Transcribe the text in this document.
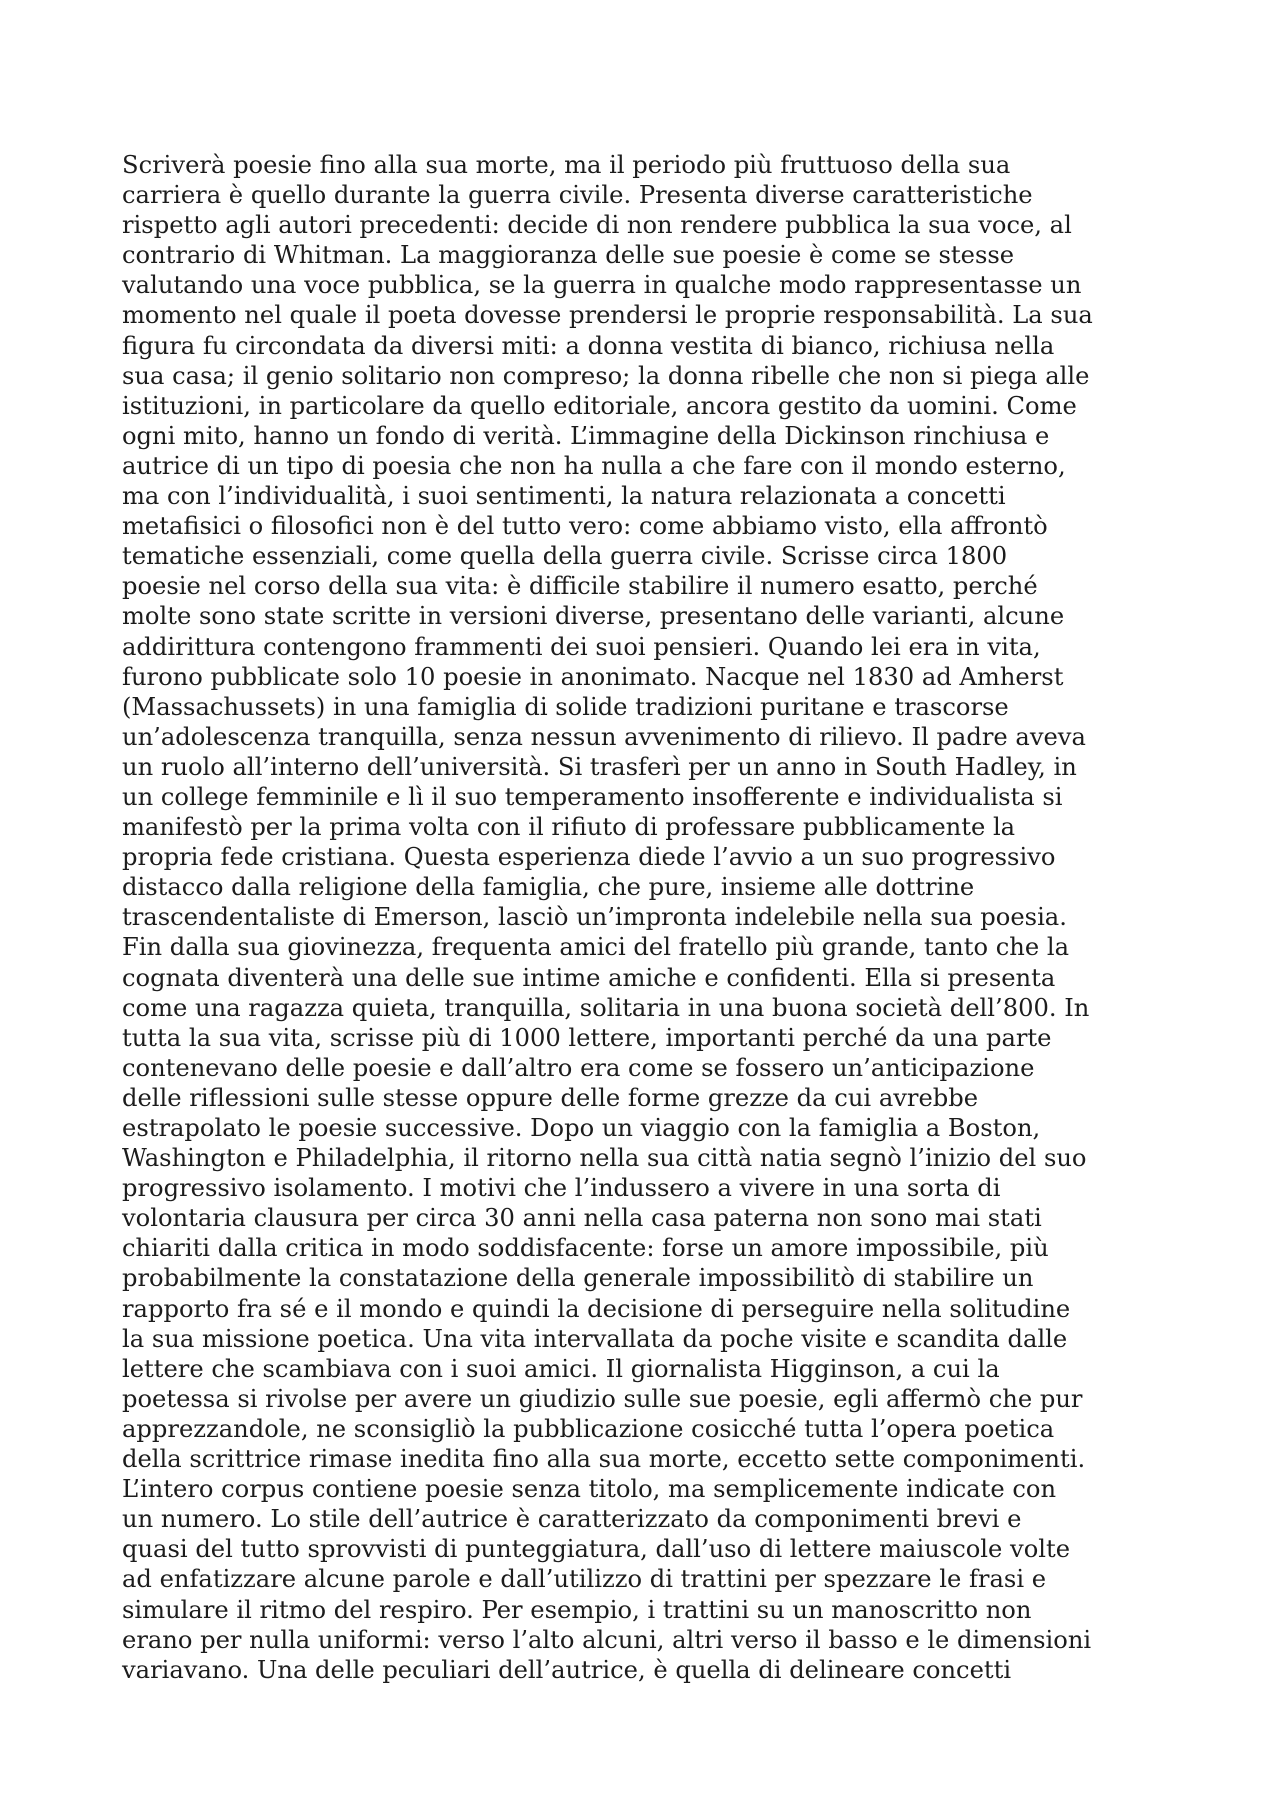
Scriverà poesie fino alla sua morte, ma il periodo più fruttuoso della sua
carriera è quello durante la guerra civile. Presenta diverse caratteristiche
rispetto agli autori precedenti: decide di non rendere pubblica la sua voce, al
contrario di Whitman. La maggioranza delle sue poesie è come se stesse
valutando una voce pubblica, se la guerra in qualche modo rappresentasse un
momento nel quale il poeta dovesse prendersi le proprie responsabilità. La sua
figura fu circondata da diversi miti: a donna vestita di bianco, richiusa nella
sua casa; il genio solitario non compreso; la donna ribelle che non si piega alle
istituzioni, in particolare da quello editoriale, ancora gestito da uomini. Come
ogni mito, hanno un fondo di verità. L’immagine della Dickinson rinchiusa e
autrice di un tipo di poesia che non ha nulla a che fare con il mondo esterno,
ma con l’individualità, i suoi sentimenti, la natura relazionata a concetti
metafisici o filosofici non è del tutto vero: come abbiamo visto, ella affrontò
tematiche essenziali, come quella della guerra civile. Scrisse circa 1800
poesie nel corso della sua vita: è difficile stabilire il numero esatto, perché
molte sono state scritte in versioni diverse, presentano delle varianti, alcune
addirittura contengono frammenti dei suoi pensieri. Quando lei era in vita,
furono pubblicate solo 10 poesie in anonimato. Nacque nel 1830 ad Amherst
(Massachussets) in una famiglia di solide tradizioni puritane e trascorse
un’adolescenza tranquilla, senza nessun avvenimento di rilievo. Il padre aveva
un ruolo all’interno dell’università. Si trasferì per un anno in South Hadley, in
un college femminile e lì il suo temperamento insofferente e individualista si
manifestò per la prima volta con il rifiuto di professare pubblicamente la
propria fede cristiana. Questa esperienza diede l’avvio a un suo progressivo
distacco dalla religione della famiglia, che pure, insieme alle dottrine
trascendentaliste di Emerson, lasciò un’impronta indelebile nella sua poesia.
Fin dalla sua giovinezza, frequenta amici del fratello più grande, tanto che la
cognata diventerà una delle sue intime amiche e confidenti. Ella si presenta
come una ragazza quieta, tranquilla, solitaria in una buona società dell’800. In
tutta la sua vita, scrisse più di 1000 lettere, importanti perché da una parte
contenevano delle poesie e dall’altro era come se fossero un’anticipazione
delle riflessioni sulle stesse oppure delle forme grezze da cui avrebbe
estrapolato le poesie successive. Dopo un viaggio con la famiglia a Boston,
Washington e Philadelphia, il ritorno nella sua città natia segnò l’inizio del suo
progressivo isolamento. I motivi che l’indussero a vivere in una sorta di
volontaria clausura per circa 30 anni nella casa paterna non sono mai stati
chiariti dalla critica in modo soddisfacente: forse un amore impossibile, più
probabilmente la constatazione della generale impossibilitò di stabilire un
rapporto fra sé e il mondo e quindi la decisione di perseguire nella solitudine
la sua missione poetica. Una vita intervallata da poche visite e scandita dalle
lettere che scambiava con i suoi amici. Il giornalista Higginson, a cui la
poetessa si rivolse per avere un giudizio sulle sue poesie, egli affermò che pur
apprezzandole, ne sconsigliò la pubblicazione cosicché tutta l’opera poetica
della scrittrice rimase inedita fino alla sua morte, eccetto sette componimenti.
L’intero corpus contiene poesie senza titolo, ma semplicemente indicate con
un numero. Lo stile dell’autrice è caratterizzato da componimenti brevi e
quasi del tutto sprovvisti di punteggiatura, dall’uso di lettere maiuscole volte
ad enfatizzare alcune parole e dall’utilizzo di trattini per spezzare le frasi e
simulare il ritmo del respiro. Per esempio, i trattini su un manoscritto non
erano per nulla uniformi: verso l’alto alcuni, altri verso il basso e le dimensioni
variavano. Una delle peculiari dell’autrice, è quella di delineare concetti
